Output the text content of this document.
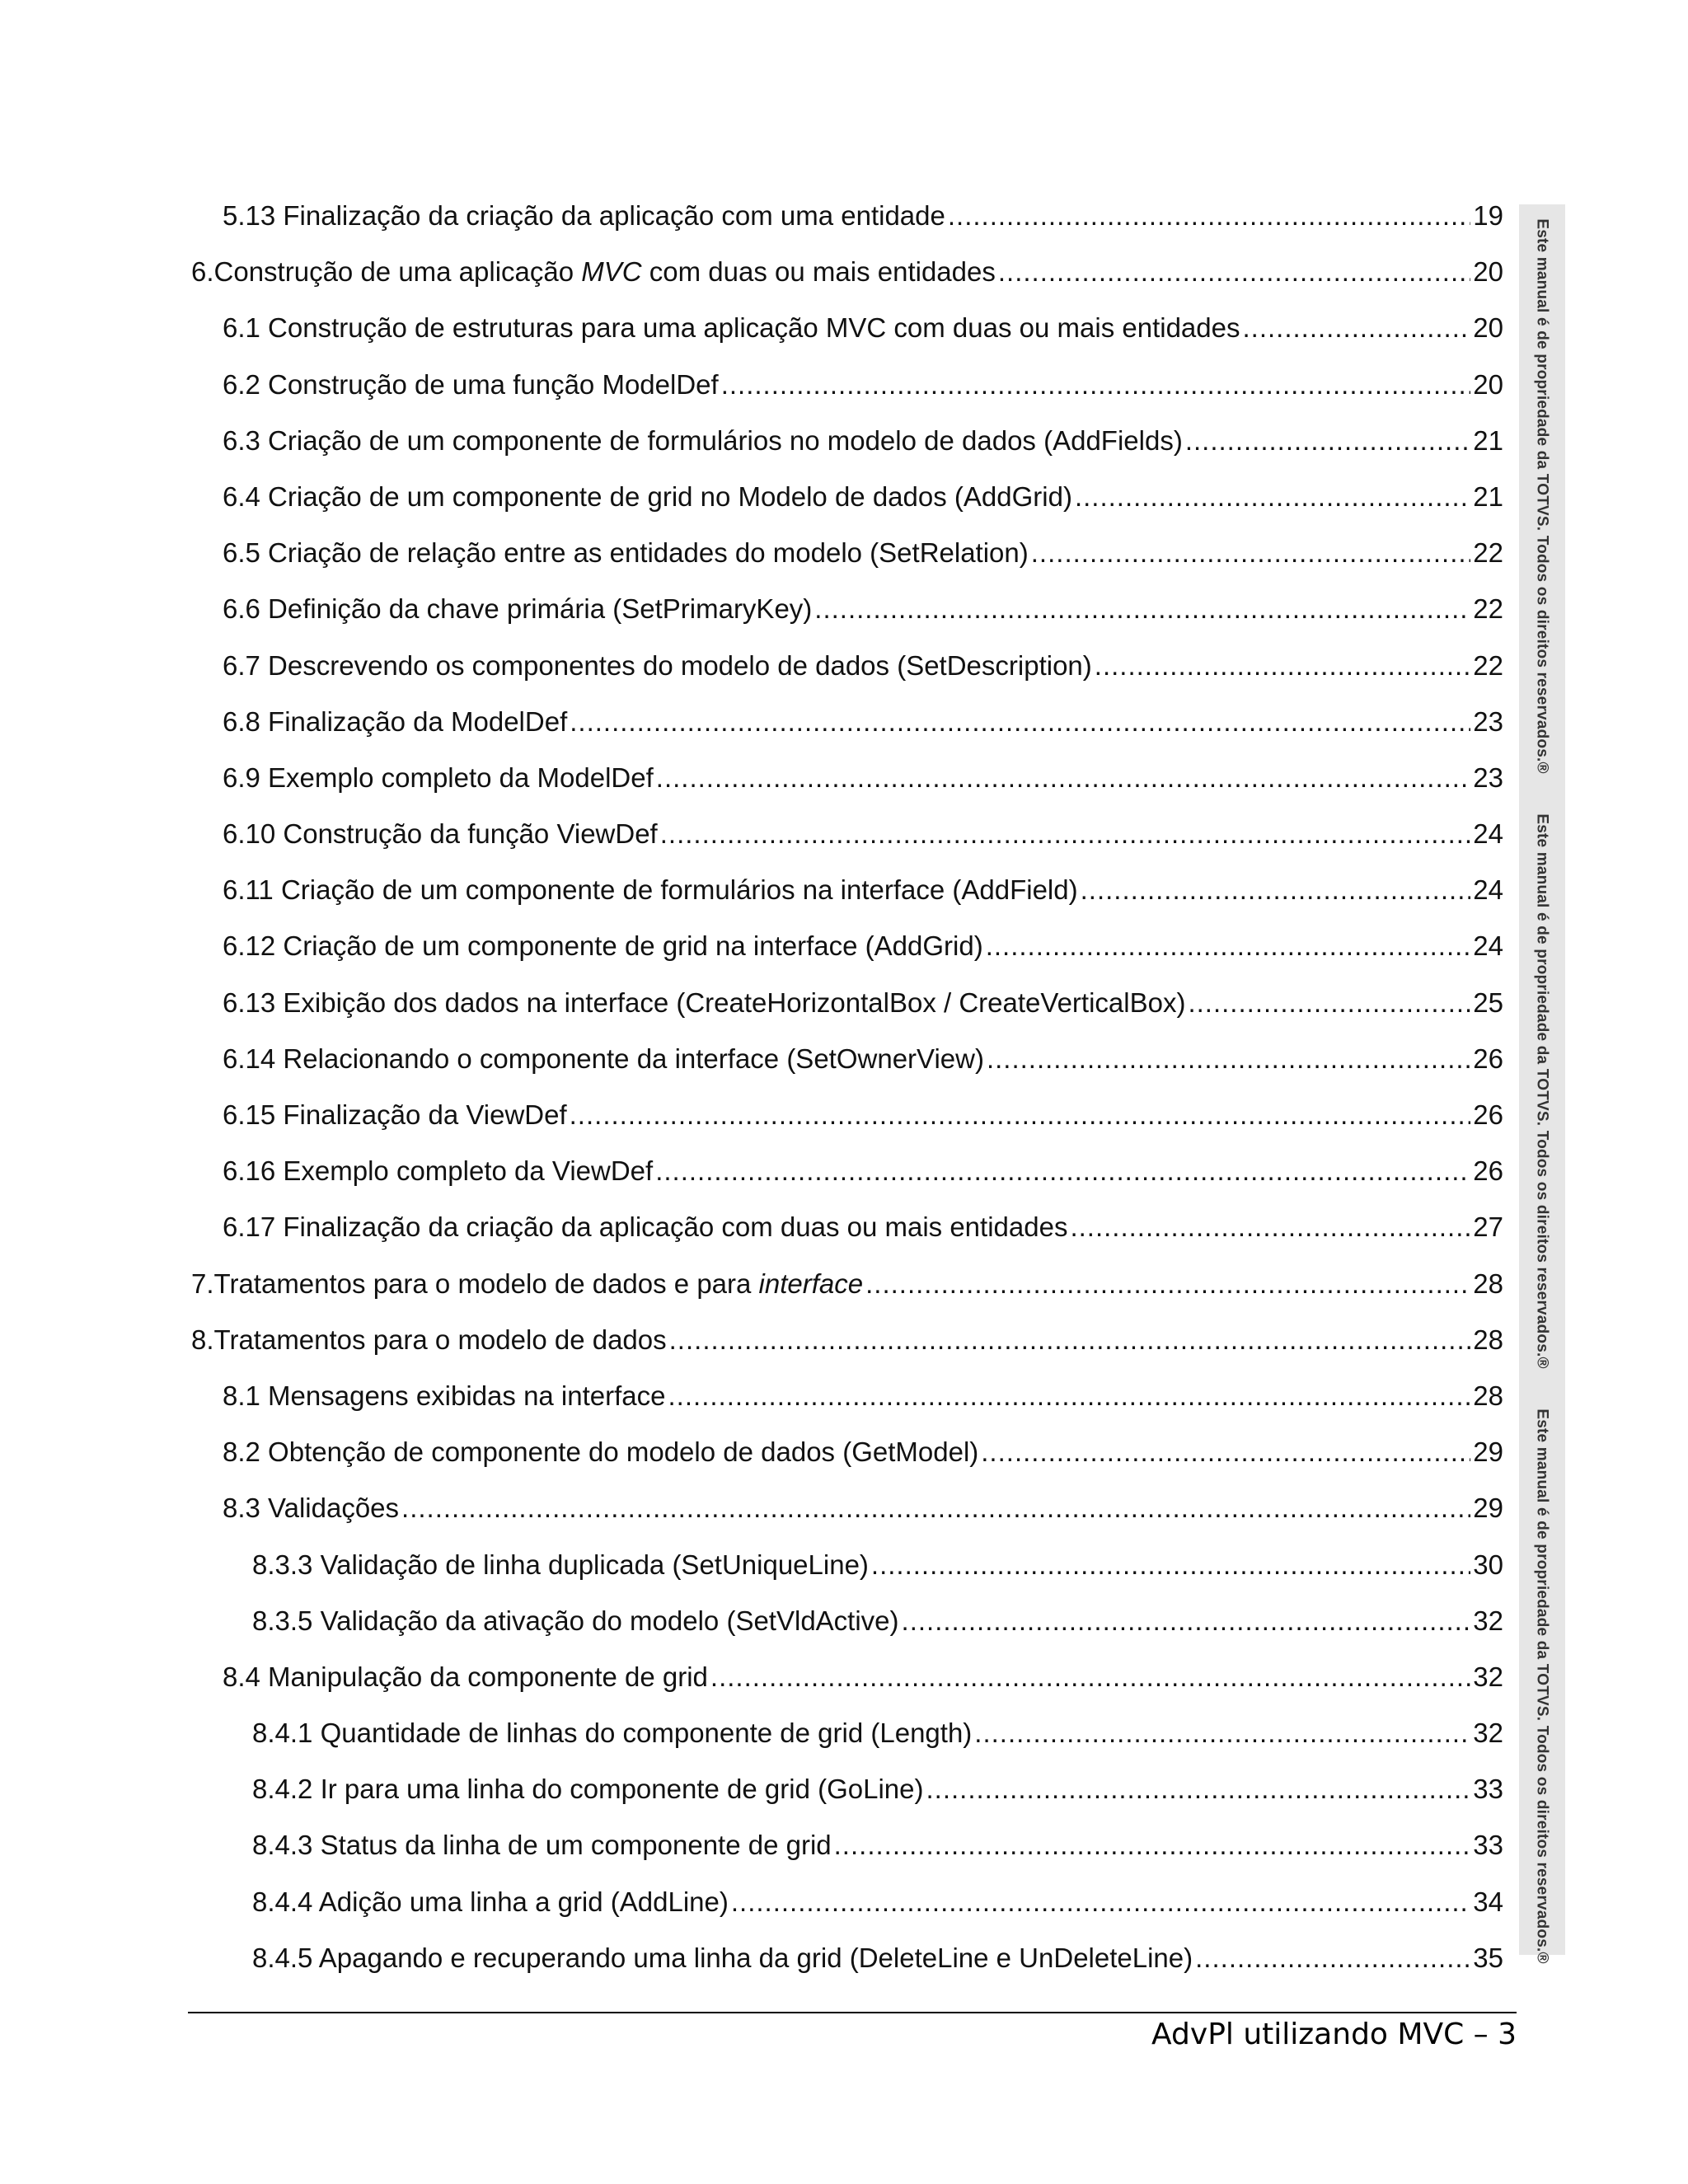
5.13 Finalização da criação da aplicação com uma entidade .....	19
6.Construção de uma aplicação MVC com duas ou mais entidades .....	20
6.1 Construção de estruturas para uma aplicação MVC com duas ou mais entidades .....	20
6.2 Construção de uma função ModelDef .....	20
6.3 Criação de um componente de formulários no modelo de dados (AddFields) .....	21
6.4 Criação de um componente de grid no Modelo de dados (AddGrid) .....	21
6.5 Criação de relação entre as entidades do modelo (SetRelation) .....	22
6.6 Definição da chave primária (SetPrimaryKey) .....	22
6.7 Descrevendo os componentes do modelo de dados (SetDescription) .....	22
6.8 Finalização da ModelDef .....	23
6.9 Exemplo completo da ModelDef .....	23
6.10 Construção da função ViewDef .....	24
6.11 Criação de um componente de formulários na interface (AddField) .....	24
6.12 Criação de um componente de grid na interface (AddGrid) .....	24
6.13 Exibição dos dados na interface (CreateHorizontalBox / CreateVerticalBox) .....	25
6.14 Relacionando o componente da interface (SetOwnerView) .....	26
6.15 Finalização da ViewDef .....	26
6.16 Exemplo completo da ViewDef .....	26
6.17 Finalização da criação da aplicação com duas ou mais entidades .....	27
7.Tratamentos para o modelo de dados e para interface .....	28
8.Tratamentos para o modelo de dados .....	28
8.1 Mensagens exibidas na interface .....	28
8.2 Obtenção de componente do modelo de dados (GetModel) .....	29
8.3 Validações .....	29
8.3.3 Validação de linha duplicada (SetUniqueLine) .....	30
8.3.5 Validação da ativação do modelo (SetVldActive) .....	32
8.4 Manipulação da componente de grid .....	32
8.4.1 Quantidade de linhas do componente de grid (Length) .....	32
8.4.2 Ir para uma linha do componente de grid (GoLine) .....	33
8.4.3 Status da linha de um componente de grid .....	33
8.4.4 Adição uma linha a grid (AddLine) .....	34
8.4.5 Apagando e recuperando uma linha da grid (DeleteLine e UnDeleteLine) .....	35
Este manual é de propriedade da TOTVS. Todos os direitos reservados.®
Este manual é de propriedade da TOTVS. Todos os direitos reservados.®
Este manual é de propriedade da TOTVS. Todos os direitos reservados.®
AdvPl utilizando MVC – 3
